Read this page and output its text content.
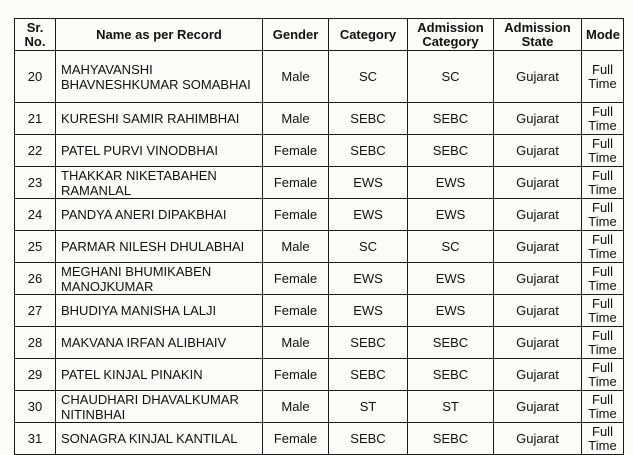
Sr. No.	Name as per Record	Gender	Category	Admission Category	Admission State	Mode
20	MAHYAVANSHI BHAVNESHKUMAR SOMABHAI	Male	SC	SC	Gujarat	Full Time
21	KURESHI SAMIR RAHIMBHAI	Male	SEBC	SEBC	Gujarat	Full Time
22	PATEL PURVI VINODBHAI	Female	SEBC	SEBC	Gujarat	Full Time
23	THAKKAR NIKETABAHEN RAMANLAL	Female	EWS	EWS	Gujarat	Full Time
24	PANDYA ANERI DIPAKBHAI	Female	EWS	EWS	Gujarat	Full Time
25	PARMAR NILESH DHULABHAI	Male	SC	SC	Gujarat	Full Time
26	MEGHANI BHUMIKABEN MANOJKUMAR	Female	EWS	EWS	Gujarat	Full Time
27	BHUDIYA MANISHA LALJI	Female	EWS	EWS	Gujarat	Full Time
28	MAKVANA IRFAN ALIBHAIV	Male	SEBC	SEBC	Gujarat	Full Time
29	PATEL KINJAL PINAKIN	Female	SEBC	SEBC	Gujarat	Full Time
30	CHAUDHARI DHAVALKUMAR NITINBHAI	Male	ST	ST	Gujarat	Full Time
31	SONAGRA KINJAL KANTILAL	Female	SEBC	SEBC	Gujarat	Full Time
